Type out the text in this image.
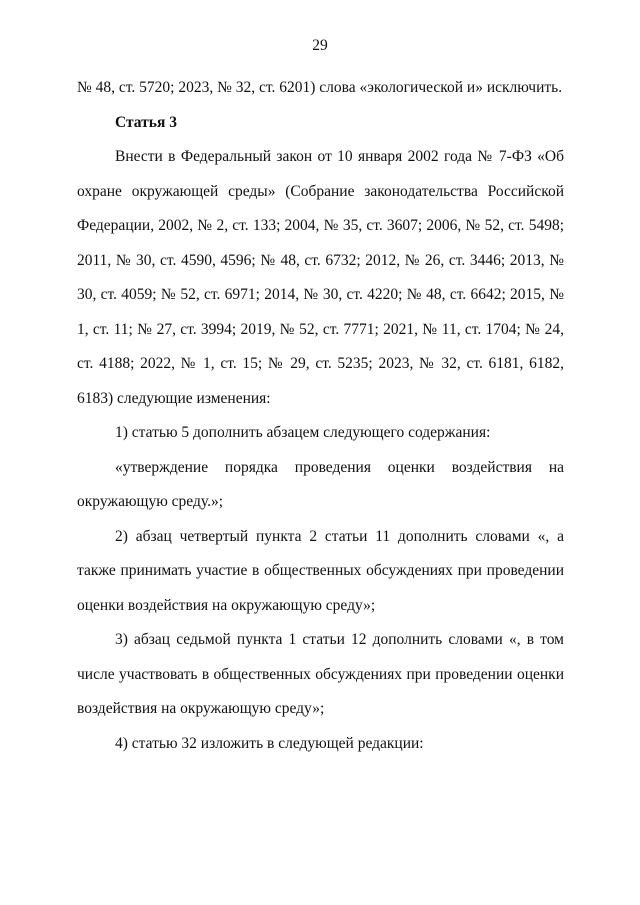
29

№ 48, ст. 5720; 2023, № 32, ст. 6201) слова «экологической и» исключить.

Статья 3

Внести в Федеральный закон от 10 января 2002 года № 7-ФЗ «Об охране окружающей среды» (Собрание законодательства Российской Федерации, 2002, № 2, ст. 133; 2004, № 35, ст. 3607; 2006, № 52, ст. 5498; 2011, № 30, ст. 4590, 4596; № 48, ст. 6732; 2012, № 26, ст. 3446; 2013, № 30, ст. 4059; № 52, ст. 6971; 2014, № 30, ст. 4220; № 48, ст. 6642; 2015, № 1, ст. 11; № 27, ст. 3994; 2019, № 52, ст. 7771; 2021, № 11, ст. 1704; № 24, ст. 4188; 2022, № 1, ст. 15; № 29, ст. 5235; 2023, № 32, ст. 6181, 6182, 6183) следующие изменения:

1) статью 5 дополнить абзацем следующего содержания:

«утверждение порядка проведения оценки воздействия на окружающую среду.»;

2) абзац четвертый пункта 2 статьи 11 дополнить словами «, а также принимать участие в общественных обсуждениях при проведении оценки воздействия на окружающую среду»;

3) абзац седьмой пункта 1 статьи 12 дополнить словами «, в том числе участвовать в общественных обсуждениях при проведении оценки воздействия на окружающую среду»;

4) статью 32 изложить в следующей редакции:
